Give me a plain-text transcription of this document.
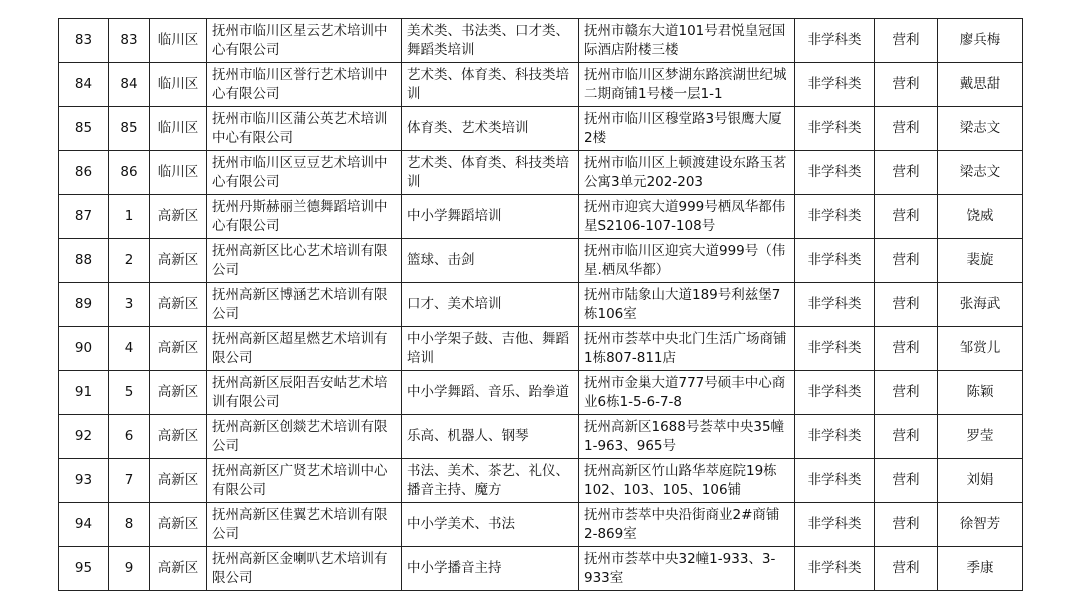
83	83	临川区	抚州市临川区星云艺术培训中心有限公司	美术类、书法类、口才类、舞蹈类培训	抚州市赣东大道101号君悦皇冠国际酒店附楼三楼	非学科类	营利	廖兵梅
84	84	临川区	抚州市临川区誉行艺术培训中心有限公司	艺术类、体育类、科技类培训	抚州市临川区梦湖东路滨湖世纪城二期商铺1号楼一层1-1	非学科类	营利	戴思甜
85	85	临川区	抚州市临川区蒲公英艺术培训中心有限公司	体育类、艺术类培训	抚州市临川区穆堂路3号银鹰大厦2楼	非学科类	营利	梁志文
86	86	临川区	抚州市临川区豆豆艺术培训中心有限公司	艺术类、体育类、科技类培训	抚州市临川区上顿渡建设东路玉茗公寓3单元202-203	非学科类	营利	梁志文
87	1	高新区	抚州丹斯赫丽兰德舞蹈培训中心有限公司	中小学舞蹈培训	抚州市迎宾大道999号栖凤华都伟星S2106-107-108号	非学科类	营利	饶威
88	2	高新区	抚州高新区比心艺术培训有限公司	篮球、击剑	抚州市临川区迎宾大道999号（伟星.栖凤华都）	非学科类	营利	裴旋
89	3	高新区	抚州高新区博涵艺术培训有限公司	口才、美术培训	抚州市陆象山大道189号利兹堡7栋106室	非学科类	营利	张海武
90	4	高新区	抚州高新区超星燃艺术培训有限公司	中小学架子鼓、吉他、舞蹈培训	抚州市荟萃中央北门生活广场商铺1栋807-811店	非学科类	营利	邹赏儿
91	5	高新区	抚州高新区辰阳吾安岵艺术培训有限公司	中小学舞蹈、音乐、跆拳道	抚州市金巢大道777号硕丰中心商业6栋1-5-6-7-8	非学科类	营利	陈颖
92	6	高新区	抚州高新区创燚艺术培训有限公司	乐高、机器人、钢琴	抚州高新区1688号荟萃中央35幢1-963、965号	非学科类	营利	罗莹
93	7	高新区	抚州高新区广贤艺术培训中心有限公司	书法、美术、茶艺、礼仪、播音主持、魔方	抚州高新区竹山路华萃庭院19栋102、103、105、106铺	非学科类	营利	刘娟
94	8	高新区	抚州高新区佳翼艺术培训有限公司	中小学美术、书法	抚州市荟萃中央沿街商业2#商铺2-869室	非学科类	营利	徐智芳
95	9	高新区	抚州高新区金喇叭艺术培训有限公司	中小学播音主持	抚州市荟萃中央32幢1-933、3-933室	非学科类	营利	季康
